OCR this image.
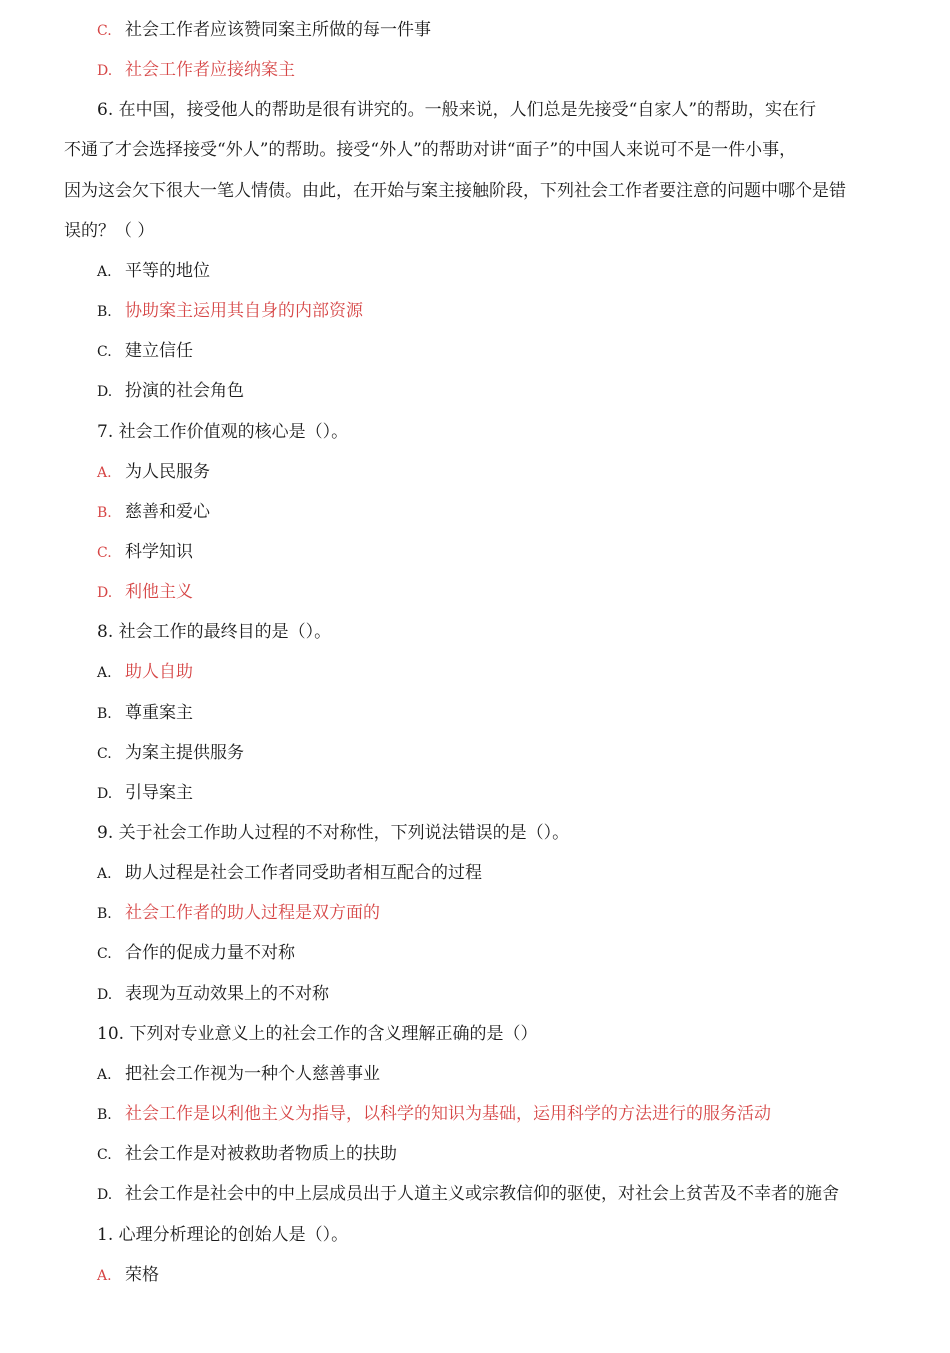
C. 社会工作者应该赞同案主所做的每一件事
D. 社会工作者应接纳案主
6. 在中国，接受他人的帮助是很有讲究的。一般来说，人们总是先接受“自家人”的帮助，实在行
不通了才会选择接受“外人”的帮助。接受“外人”的帮助对讲“面子”的中国人来说可不是一件小事，
因为这会欠下很大一笔人情债。由此，在开始与案主接触阶段，下列社会工作者要注意的问题中哪个是错
误的？（ ）
A. 平等的地位
B. 协助案主运用其自身的内部资源
C. 建立信任
D. 扮演的社会角色
7. 社会工作价值观的核心是（）。
A. 为人民服务
B. 慈善和爱心
C. 科学知识
D. 利他主义
8. 社会工作的最终目的是（）。
A. 助人自助
B. 尊重案主
C. 为案主提供服务
D. 引导案主
9. 关于社会工作助人过程的不对称性，下列说法错误的是（）。
A. 助人过程是社会工作者同受助者相互配合的过程
B. 社会工作者的助人过程是双方面的
C. 合作的促成力量不对称
D. 表现为互动效果上的不对称
10. 下列对专业意义上的社会工作的含义理解正确的是（）
A. 把社会工作视为一种个人慈善事业
B. 社会工作是以利他主义为指导，以科学的知识为基础，运用科学的方法进行的服务活动
C. 社会工作是对被救助者物质上的扶助
D. 社会工作是社会中的中上层成员出于人道主义或宗教信仰的驱使，对社会上贫苦及不幸者的施舍
1. 心理分析理论的创始人是（）。
A. 荣格
